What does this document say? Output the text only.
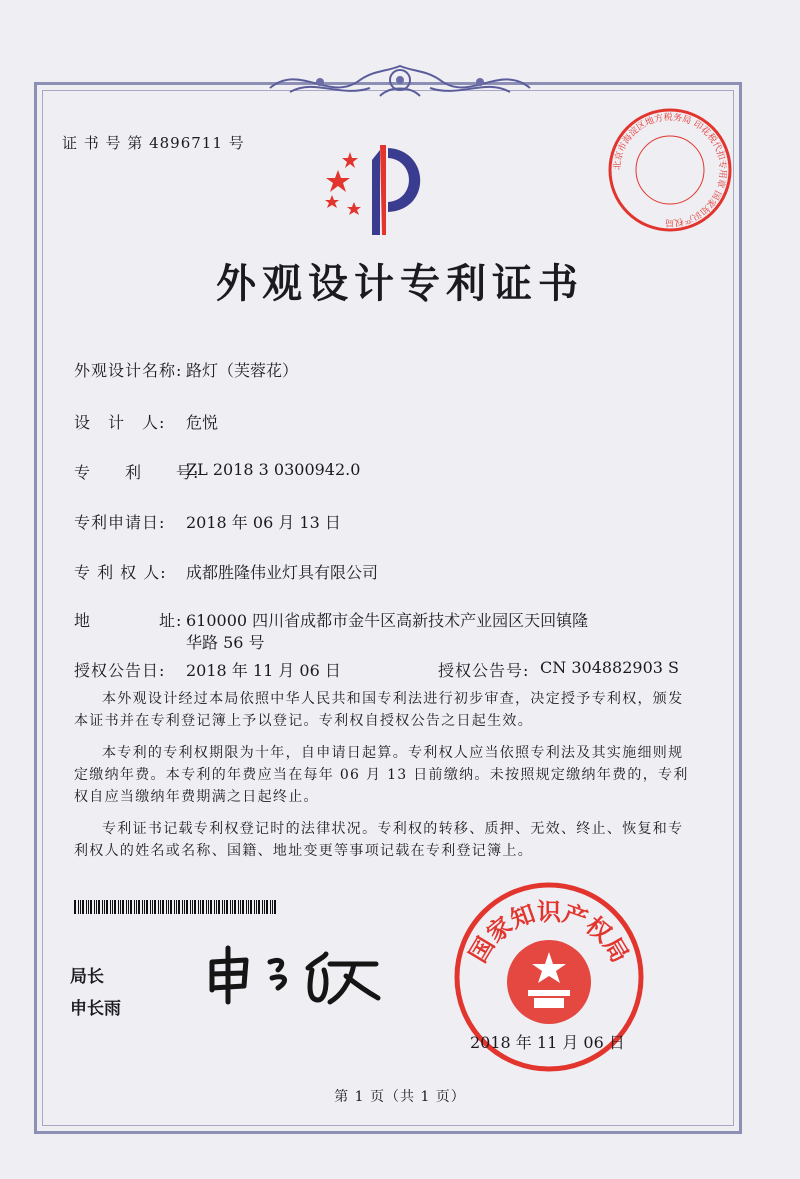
证 书 号 第 4896711 号
外观设计专利证书
外观设计名称: 路灯（芙蓉花）
设　计　人: 危悦
专　　利　　号:
ZL 2018 3 0300942.0
专利申请日: 2018 年 06 月 13 日
专 利 权 人: 成都胜隆伟业灯具有限公司
地　　　　址: 610000 四川省成都市金牛区高新技术产业园区天回镇隆
华路 56 号
授权公告日: 2018 年 11 月 06 日	授权公告号: CN 304882903 S
本外观设计经过本局依照中华人民共和国专利法进行初步审查，决定授予专利权，颁发本证书并在专利登记簿上予以登记。专利权自授权公告之日起生效。
本专利的专利权期限为十年，自申请日起算。专利权人应当依照专利法及其实施细则规定缴纳年费。本专利的年费应当在每年 06 月 13 日前缴纳。未按照规定缴纳年费的，专利权自应当缴纳年费期满之日起终止。
专利证书记载专利权登记时的法律状况。专利权的转移、质押、无效、终止、恢复和专利权人的姓名或名称、国籍、地址变更等事项记载在专利登记簿上。
局长
申长雨
国家知识产权局
2018 年 11 月 06 日
北京市海淀区地方税务局 印花税代扣专用章 国家知识产权局
第 1 页（共 1 页）
